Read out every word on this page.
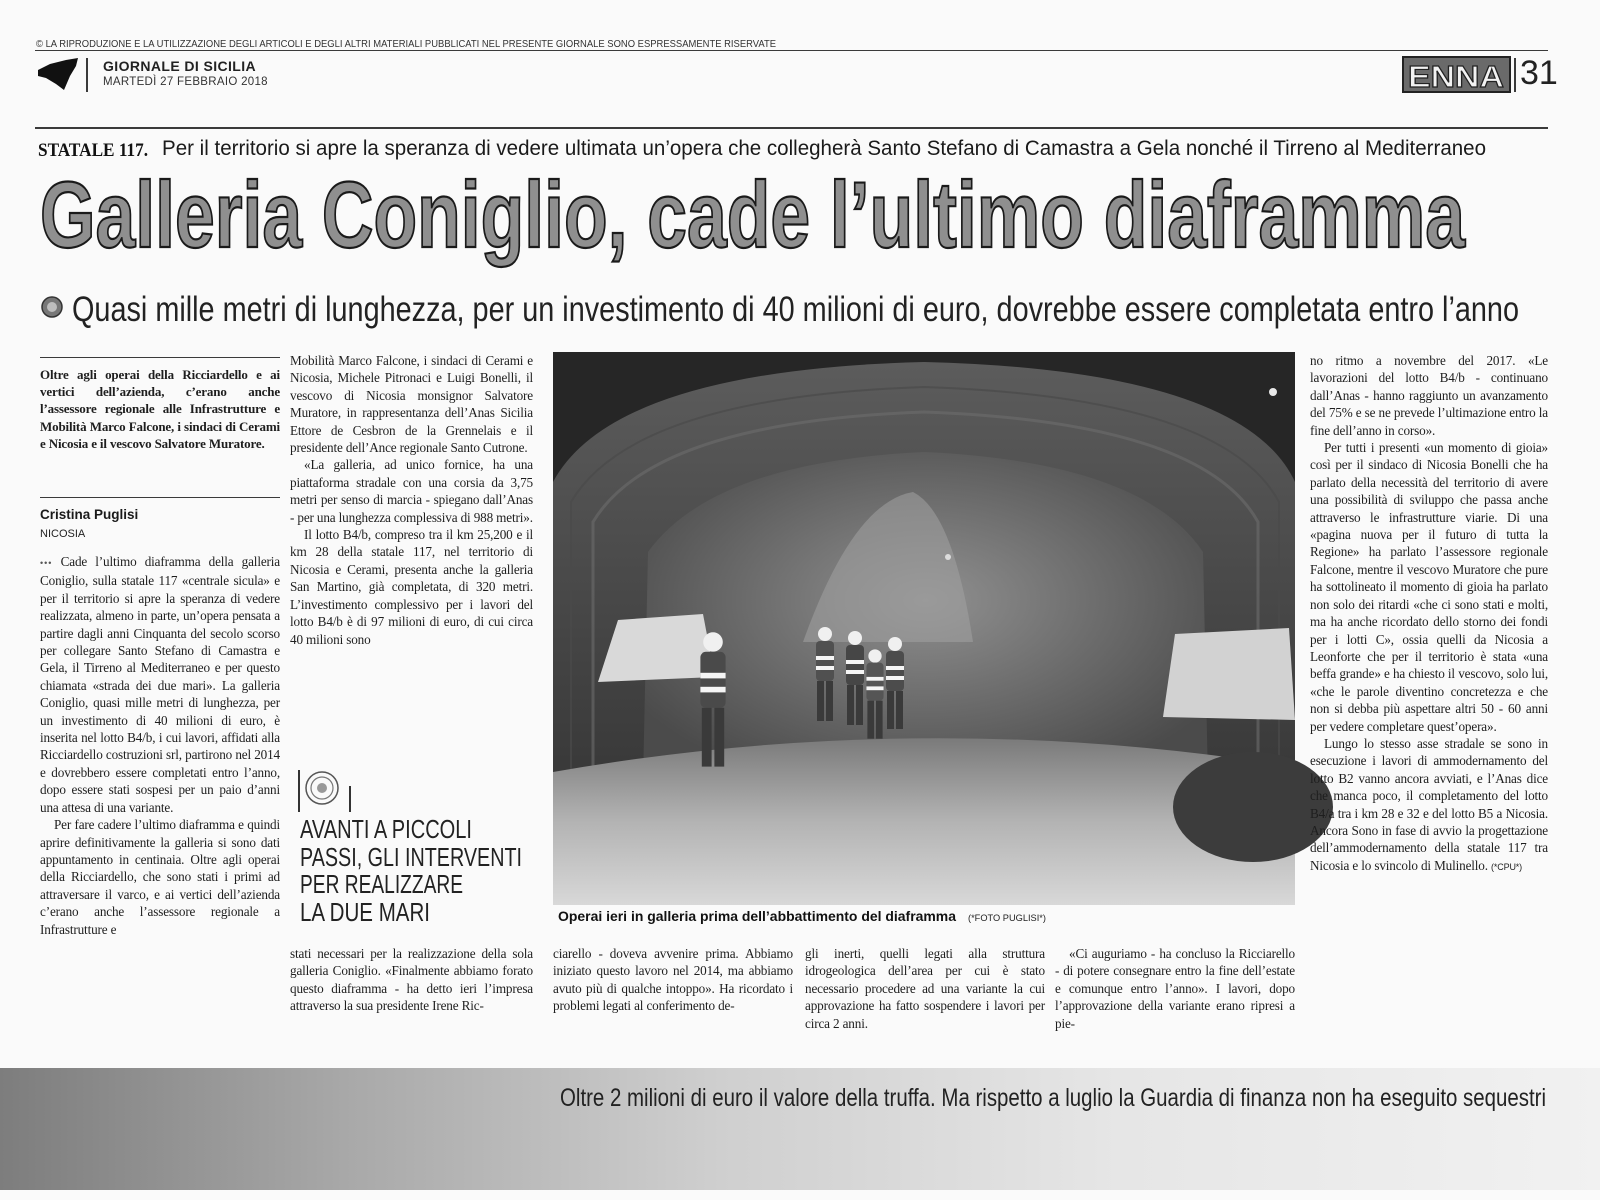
© LA RIPRODUZIONE E LA UTILIZZAZIONE DEGLI ARTICOLI E DEGLI ALTRI MATERIALI PUBBLICATI NEL PRESENTE GIORNALE SONO ESPRESSAMENTE RISERVATE
GIORNALE DI SICILIA
MARTEDÌ 27 FEBBRAIO 2018	ENNA 31
STATALE 117. Per il territorio si apre la speranza di vedere ultimata un’opera che collegherà Santo Stefano di Camastra a Gela nonché il Tirreno al Mediterraneo
Galleria Coniglio, cade l’ultimo diaframma
Quasi mille metri di lunghezza, per un investimento di 40 milioni di euro, dovrebbe essere completata entro l’anno
Oltre agli operai della Ricciardello e ai vertici dell’azienda, c’erano anche l’assessore regionale alle Infrastrutture e Mobilità Marco Falcone, i sindaci di Cerami e Nicosia e il vescovo Salvatore Muratore.
Cristina Puglisi
NICOSIA

••• Cade l’ultimo diaframma della galleria Coniglio, sulla statale 117 «centrale sicula» e per il territorio si apre la speranza di vedere realizzata, almeno in parte, un’opera pensata a partire dagli anni Cinquanta del secolo scorso per collegare Santo Stefano di Camastra e Gela, il Tirreno al Mediterraneo e per questo chiamata «strada dei due mari». La galleria Coniglio, quasi mille metri di lunghezza, per un investimento di 40 milioni di euro, è inserita nel lotto B4/b, i cui lavori, affidati alla Ricciardello costruzioni srl, partirono nel 2014 e dovrebbero essere completati entro l’anno, dopo essere stati sospesi per un paio d’anni una attesa di una variante.

Per fare cadere l’ultimo diaframma e quindi aprire definitivamente la galleria si sono dati appuntamento in centinaia. Oltre agli operai della Ricciardello, che sono stati i primi ad attraversare il varco, e ai vertici dell’azienda c’erano anche l’assessore regionale a Infrastrutture e

Mobilità Marco Falcone, i sindaci di Cerami e Nicosia, Michele Pitronaci e Luigi Bonelli, il vescovo di Nicosia monsignor Salvatore Muratore, in rappresentanza dell’Anas Sicilia Ettore de Cesbron de la Grennelais e il presidente dell’Ance regionale Santo Cutrone.

«La galleria, ad unico fornice, ha una piattaforma stradale con una corsia da 3,75 metri per senso di marcia - spiegano dall’Anas - per una lunghezza complessiva di 988 metri».

Il lotto B4/b, compreso tra il km 25,200 e il km 28 della statale 117, nel territorio di Nicosia e Cerami, presenta anche la galleria San Martino, già completata, di 320 metri. L’investimento complessivo per i lavori del lotto B4/b è di 97 milioni di euro, di cui circa 40 milioni sono

AVANTI A PICCOLI
PASSI, GLI INTERVENTI
PER REALIZZARE
LA DUE MARI

stati necessari per la realizzazione della sola galleria Coniglio. «Finalmente abbiamo forato questo diaframma - ha detto ieri l’impresa attraverso la sua presidente Irene Ric-

Operai ieri in galleria prima dell’abbattimento del diaframma (*FOTO PUGLISI*)

ciarello - doveva avvenire prima. Abbiamo iniziato questo lavoro nel 2014, ma abbiamo avuto più di qualche intoppo». Ha ricordato i problemi legati al conferimento de-

gli inerti, quelli legati alla struttura idrogeologica dell’area per cui è stato necessario procedere ad una variante la cui approvazione ha fatto sospendere i lavori per circa 2 anni.

«Ci auguriamo - ha concluso la Ricciarello - di potere consegnare entro la fine dell’estate e comunque entro l’anno». I lavori, dopo l’approvazione della variante erano ripresi a pie-

no ritmo a novembre del 2017. «Le lavorazioni del lotto B4/b - continuano dall’Anas - hanno raggiunto un avanzamento del 75% e se ne prevede l’ultimazione entro la fine dell’anno in corso».

Per tutti i presenti «un momento di gioia» così per il sindaco di Nicosia Bonelli che ha parlato della necessità del territorio di avere una possibilità di sviluppo che passa anche attraverso le infrastrutture viarie. Di una «pagina nuova per il futuro di tutta la Regione» ha parlato l’assessore regionale Falcone, mentre il vescovo Muratore che pure ha sottolineato il momento di gioia ha parlato non solo dei ritardi «che ci sono stati e molti, ma ha anche ricordato dello storno dei fondi per i lotti C», ossia quelli da Nicosia a Leonforte che per il territorio è stata «una beffa grande» e ha chiesto il vescovo, solo lui, «che le parole diventino concretezza e che non si debba più aspettare altri 50 - 60 anni per vedere completare quest’opera».

Lungo lo stesso asse stradale se sono in esecuzione i lavori di ammodernamento del lotto B2 vanno ancora avviati, e l’Anas dice che manca poco, il completamento del lotto B4/a tra i km 28 e 32 e del lotto B5 a Nicosia. Ancora Sono in fase di avvio la progettazione dell’ammodernamento della statale 117 tra Nicosia e lo svincolo di Mulinello. (*CPU*)

Oltre 2 milioni di euro il valore della truffa. Ma rispetto a luglio la Guardia di finanza non ha eseguito sequestri
